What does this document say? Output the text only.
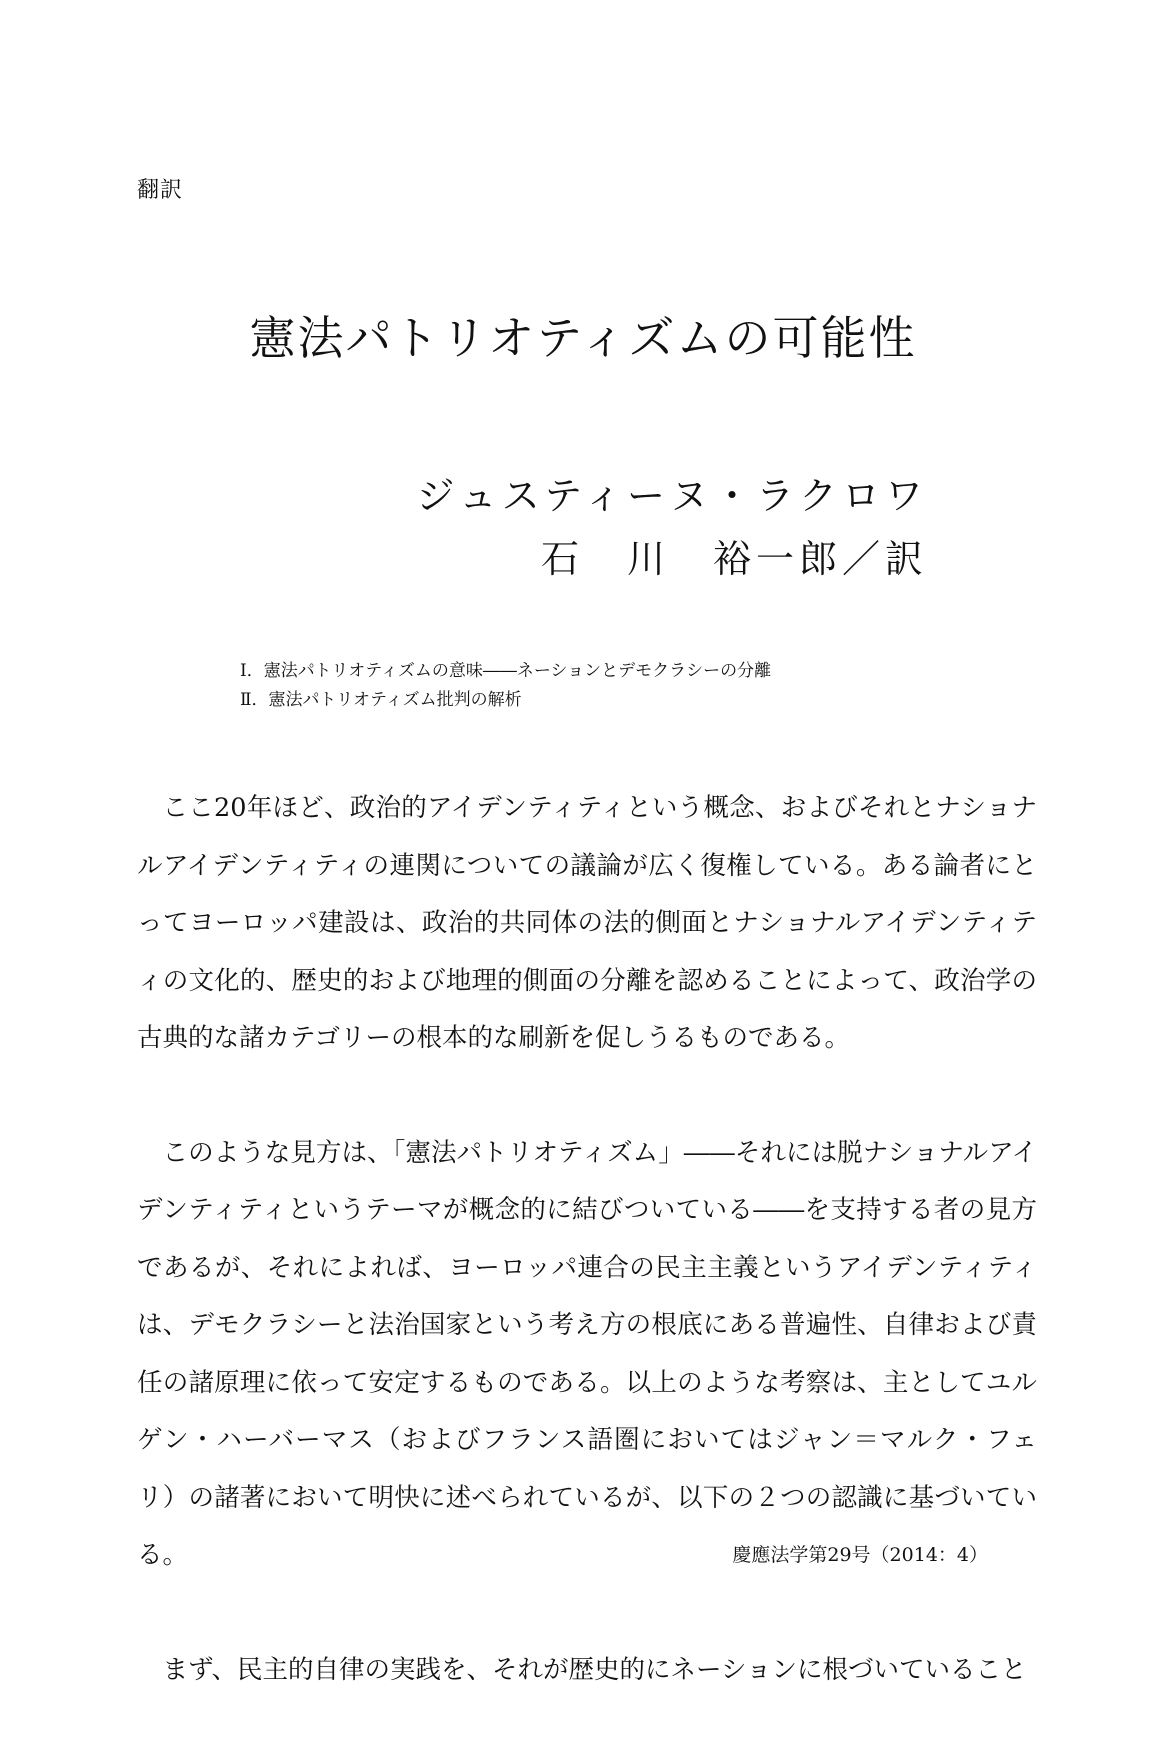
翻訳
憲法パトリオティズムの可能性
ジュスティーヌ・ラクロワ
石　川　裕一郎／訳
Ⅰ．憲法パトリオティズムの意味――ネーションとデモクラシーの分離
Ⅱ．憲法パトリオティズム批判の解析

ここ20年ほど、政治的アイデンティティという概念、およびそれとナショナルアイデンティティの連関についての議論が広く復権している。ある論者にとってヨーロッパ建設は、政治的共同体の法的側面とナショナルアイデンティティの文化的、歴史的および地理的側面の分離を認めることによって、政治学の古典的な諸カテゴリーの根本的な刷新を促しうるものである。

このような見方は、「憲法パトリオティズム」――それには脱ナショナルアイデンティティというテーマが概念的に結びついている――を支持する者の見方であるが、それによれば、ヨーロッパ連合の民主主義というアイデンティティは、デモクラシーと法治国家という考え方の根底にある普遍性、自律および責任の諸原理に依って安定するものである。以上のような考察は、主としてユルゲン・ハーバーマス（およびフランス語圏においてはジャン＝マルク・フェリ）の諸著において明快に述べられているが、以下の２つの認識に基づいている。

まず、民主的自律の実践を、それが歴史的にネーションに根づいていること

慶應法学第29号（2014：4）
